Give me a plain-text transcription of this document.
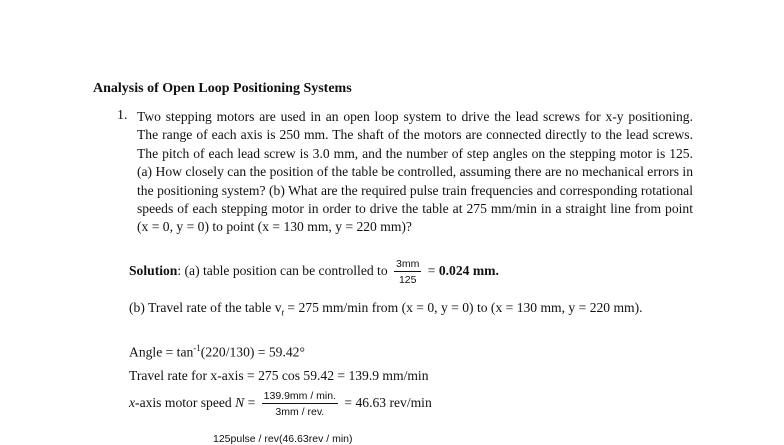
Analysis of Open Loop Positioning Systems
1. Two stepping motors are used in an open loop system to drive the lead screws for x-y positioning. The range of each axis is 250 mm. The shaft of the motors are connected directly to the lead screws. The pitch of each lead screw is 3.0 mm, and the number of step angles on the stepping motor is 125. (a) How closely can the position of the table be controlled, assuming there are no mechanical errors in the positioning system? (b) What are the required pulse train frequencies and corresponding rotational speeds of each stepping motor in order to drive the table at 275 mm/min in a straight line from point (x = 0, y = 0) to point (x = 130 mm, y = 220 mm)?
Solution: (a) table position can be controlled to $\frac{3mm}{125} = 0.024$ mm.
(b) Travel rate of the table $v_t = 275$ mm/min from (x = 0, y = 0) to (x = 130 mm, y = 220 mm).
Angle = $\tan^{-1}(220/130) = 59.42^\circ$
Travel rate for x-axis = 275 cos 59.42 = 139.9 mm/min
x-axis motor speed $N = \frac{139.9mm / \min.}{\text{3mm / rev.}} = 46.63$ rev/min
125pulse / rev(46.63rev / min)
